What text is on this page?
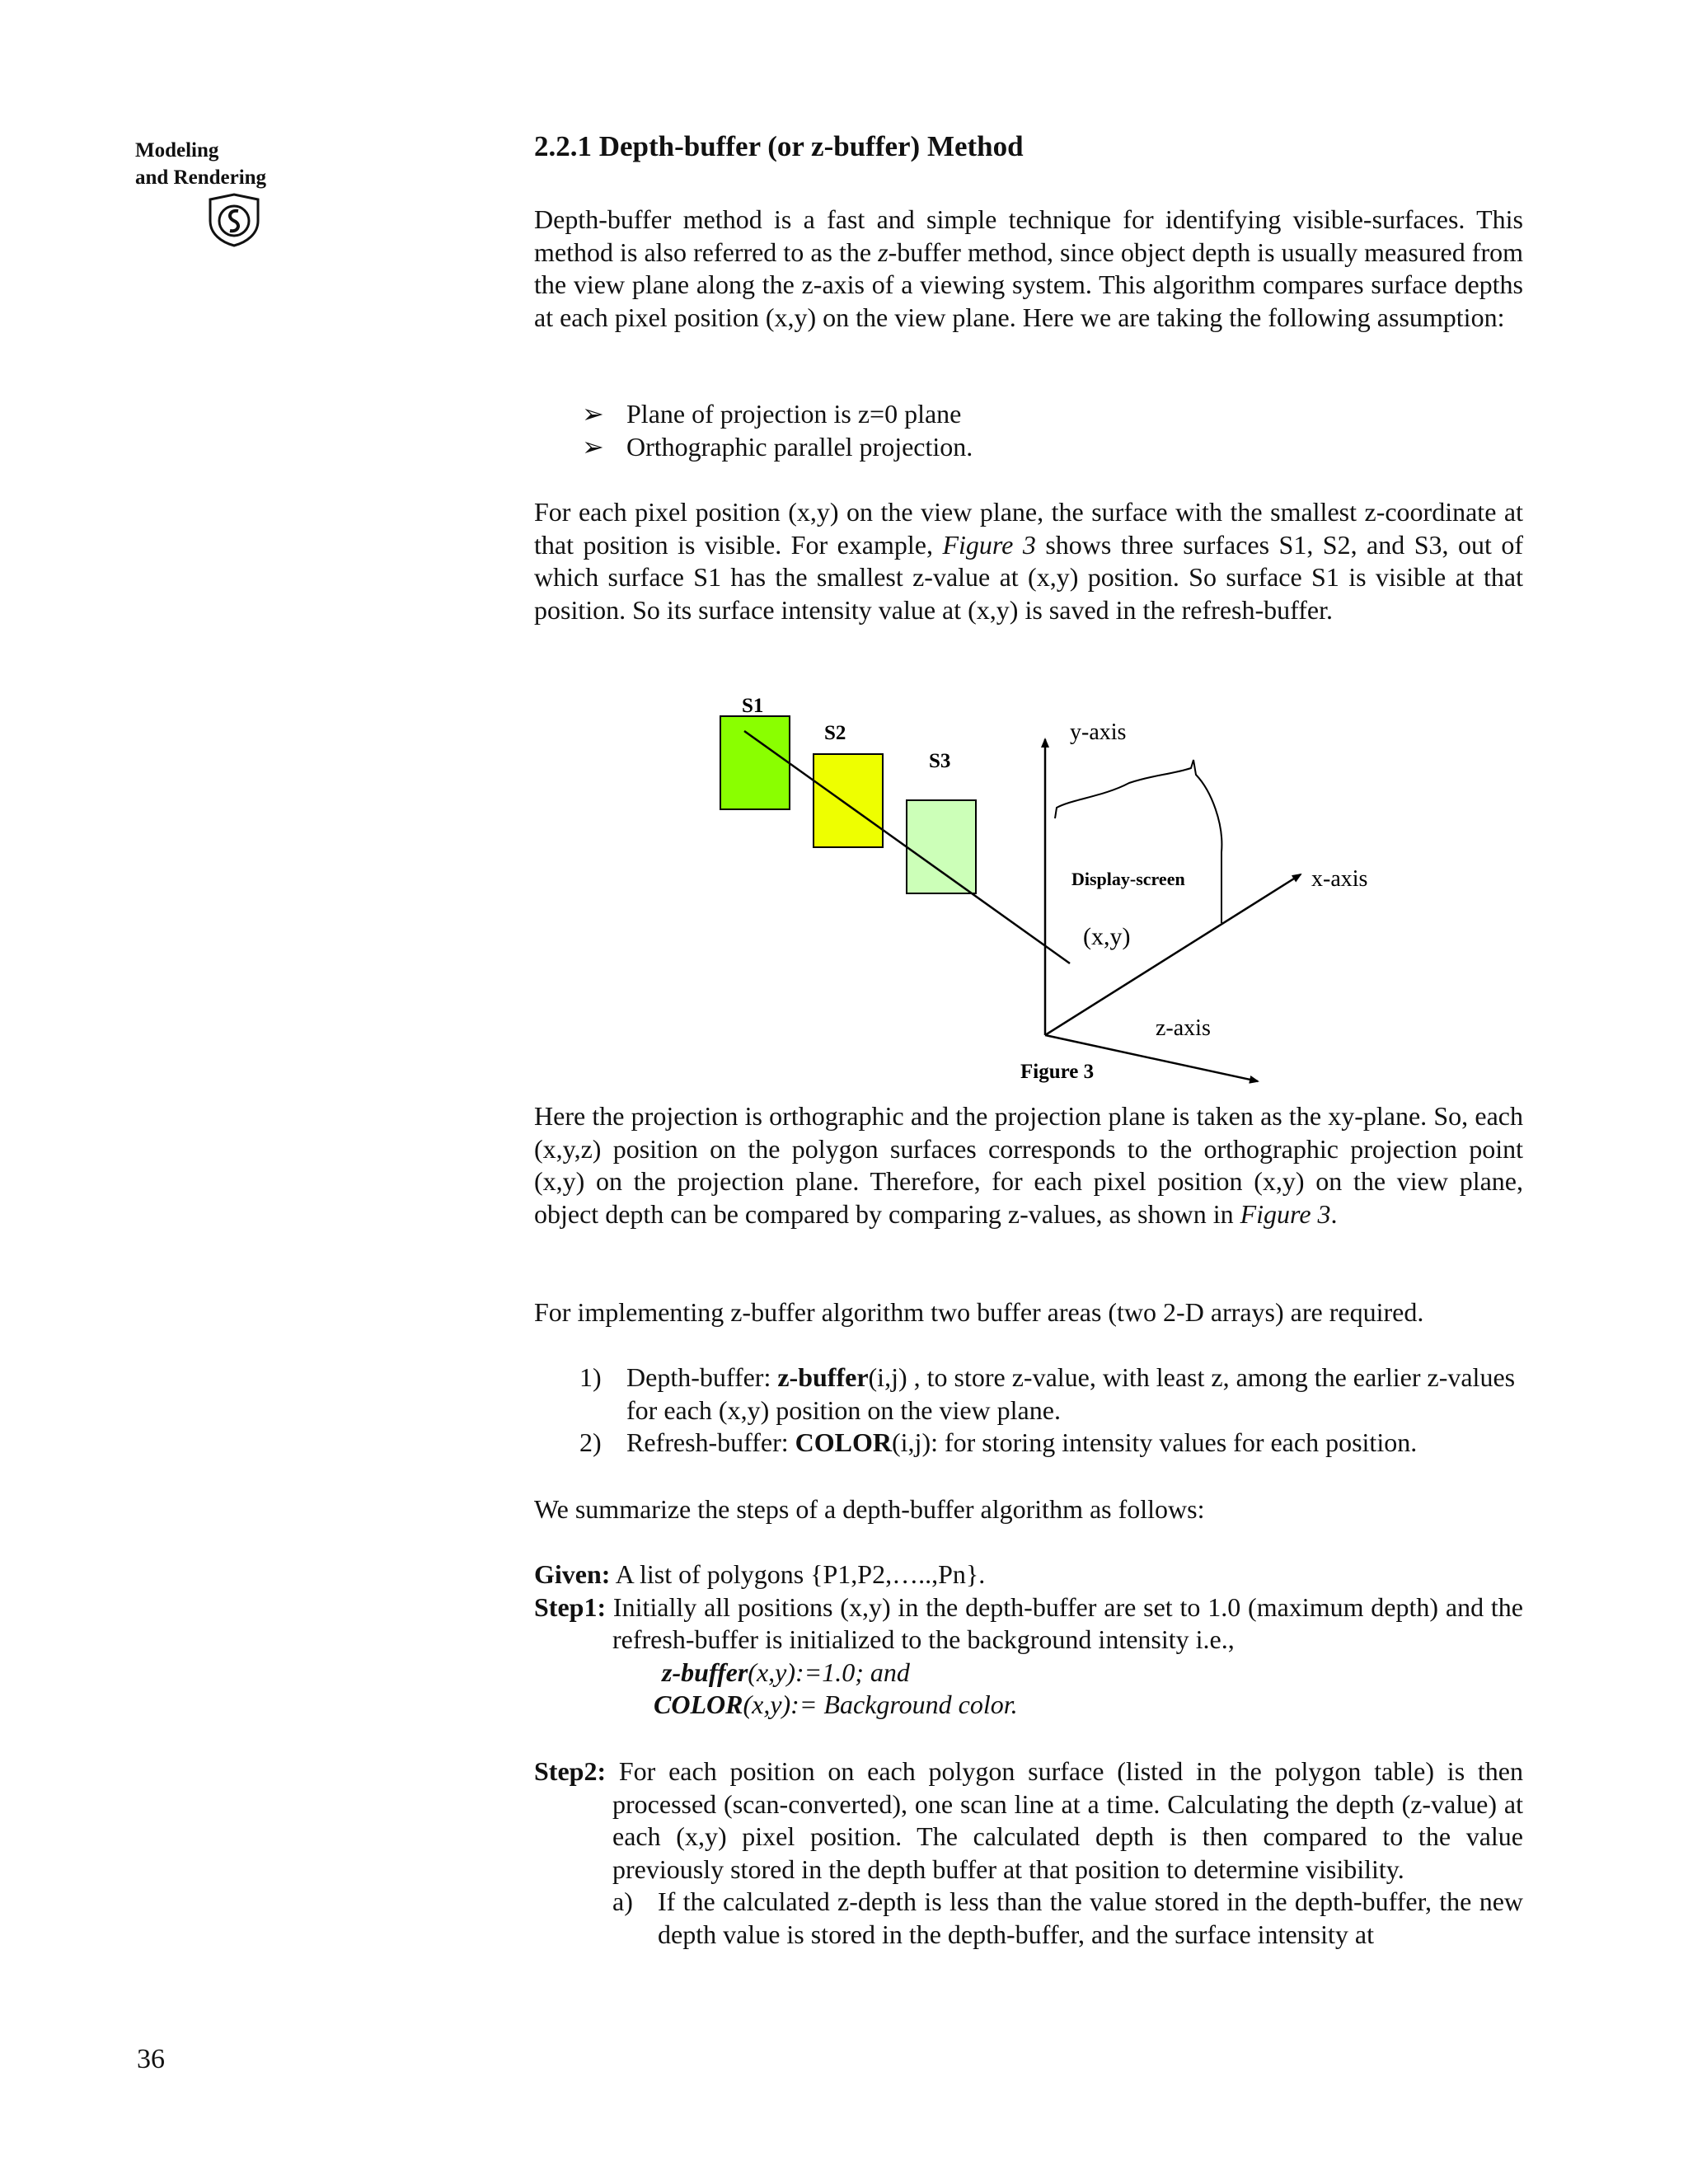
Modeling
and Rendering
2.2.1 Depth-buffer (or z-buffer) Method

Depth-buffer method is a fast and simple technique for identifying visible-surfaces. This method is also referred to as the z-buffer method, since object depth is usually measured from the view plane along the z-axis of a viewing system. This algorithm compares surface depths at each pixel position (x,y) on the view plane. Here we are taking the following assumption:

➢ Plane of projection is z=0 plane
➢ Orthographic parallel projection.

For each pixel position (x,y) on the view plane, the surface with the smallest z-coordinate at that position is visible. For example, Figure 3 shows three surfaces S1, S2, and S3, out of which surface S1 has the smallest z-value at (x,y) position. So surface S1 is visible at that position. So its surface intensity value at (x,y) is saved in the refresh-buffer.

Here the projection is orthographic and the projection plane is taken as the xy-plane. So, each (x,y,z) position on the polygon surfaces corresponds to the orthographic projection point (x,y) on the projection plane. Therefore, for each pixel position (x,y) on the view plane, object depth can be compared by comparing z-values, as shown in Figure 3.

For implementing z-buffer algorithm two buffer areas (two 2-D arrays) are required.

1) Depth-buffer: z-buffer(i,j) , to store z-value, with least z, among the earlier z-values for each (x,y) position on the view plane.
2) Refresh-buffer: COLOR(i,j): for storing intensity values for each position.

We summarize the steps of a depth-buffer algorithm as follows:

Given: A list of polygons {P1,P2,…..,Pn}.

Step1: Initially all positions (x,y) in the depth-buffer are set to 1.0 (maximum depth) and the refresh-buffer is initialized to the background intensity i.e.,

z-buffer(x,y):=1.0; and

COLOR(x,y):= Background color.

Step2: For each position on each polygon surface (listed in the polygon table) is then processed (scan-converted), one scan line at a time. Calculating the depth (z-value) at each (x,y) pixel position. The calculated depth is then compared to the value previously stored in the depth buffer at that position to determine visibility.

a) If the calculated z-depth is less than the value stored in the depth-buffer, the new depth value is stored in the depth-buffer, and the surface intensity at

S1
S2
S3
y-axis
x-axis
z-axis
Display-screen
(x,y)
Figure 3
36
